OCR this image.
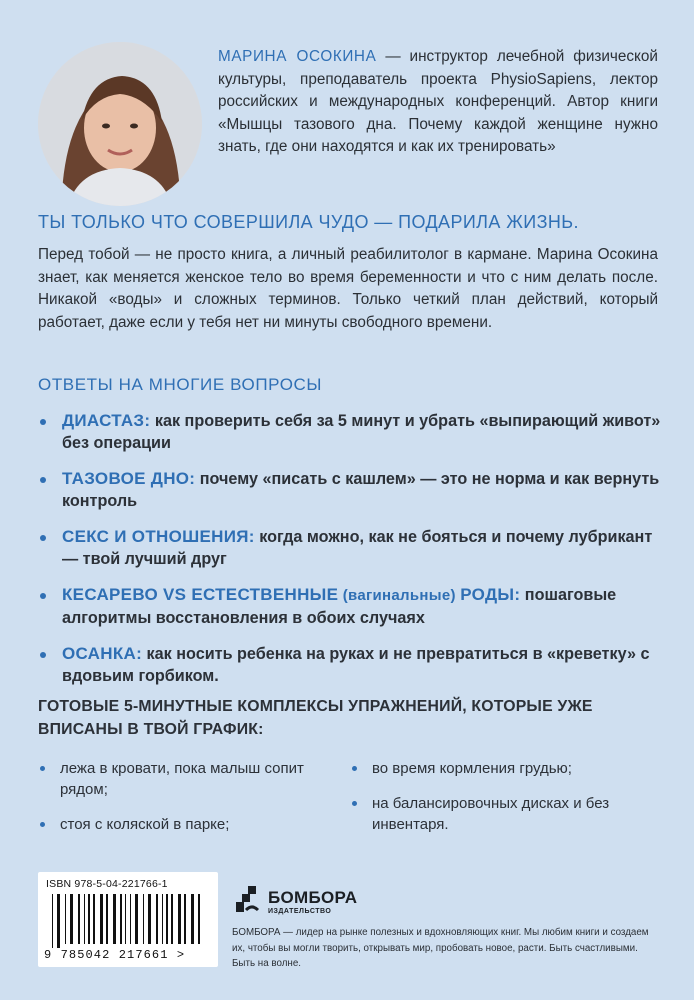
МАРИНА ОСОКИНА — инструктор лечебной физической культуры, преподаватель проекта PhysioSapiens, лектор российских и международных конференций. Автор книги «Мышцы тазового дна. Почему каждой женщине нужно знать, где они находятся и как их тренировать»
ТЫ ТОЛЬКО ЧТО СОВЕРШИЛА ЧУДО — ПОДАРИЛА ЖИЗНЬ.
Перед тобой — не просто книга, а личный реабилитолог в кармане. Марина Осокина знает, как меняется женское тело во время беременности и что с ним делать после. Никакой «воды» и сложных терминов. Только четкий план действий, который работает, даже если у тебя нет ни минуты свободного времени.
ОТВЕТЫ НА МНОГИЕ ВОПРОСЫ
ДИАСТАЗ: как проверить себя за 5 минут и убрать «выпирающий живот» без операции
ТАЗОВОЕ ДНО: почему «писать с кашлем» — это не норма и как вернуть контроль
СЕКС И ОТНОШЕНИЯ: когда можно, как не бояться и почему лубрикант — твой лучший друг
КЕСАРЕВО VS ЕСТЕСТВЕННЫЕ (вагинальные) РОДЫ: пошаговые алгоритмы восстановления в обоих случаях
ОСАНКА: как носить ребенка на руках и не превратиться в «креветку» с вдовьим горбиком.
ГОТОВЫЕ 5-МИНУТНЫЕ КОМПЛЕКСЫ УПРАЖНЕНИЙ, КОТОРЫЕ УЖЕ ВПИСАНЫ В ТВОЙ ГРАФИК:
лежа в кровати, пока малыш сопит рядом;
стоя с коляской в парке;
во время кормления грудью;
на балансировочных дисках и без инвентаря.
ISBN 978-5-04-221766-1
9 785042 217661 >
БОМБОРА
ИЗДАТЕЛЬСТВО
БОМБОРА — лидер на рынке полезных и вдохновляющих книг. Мы любим книги и создаем их, чтобы вы могли творить, открывать мир, пробовать новое, расти. Быть счастливыми. Быть на волне.
